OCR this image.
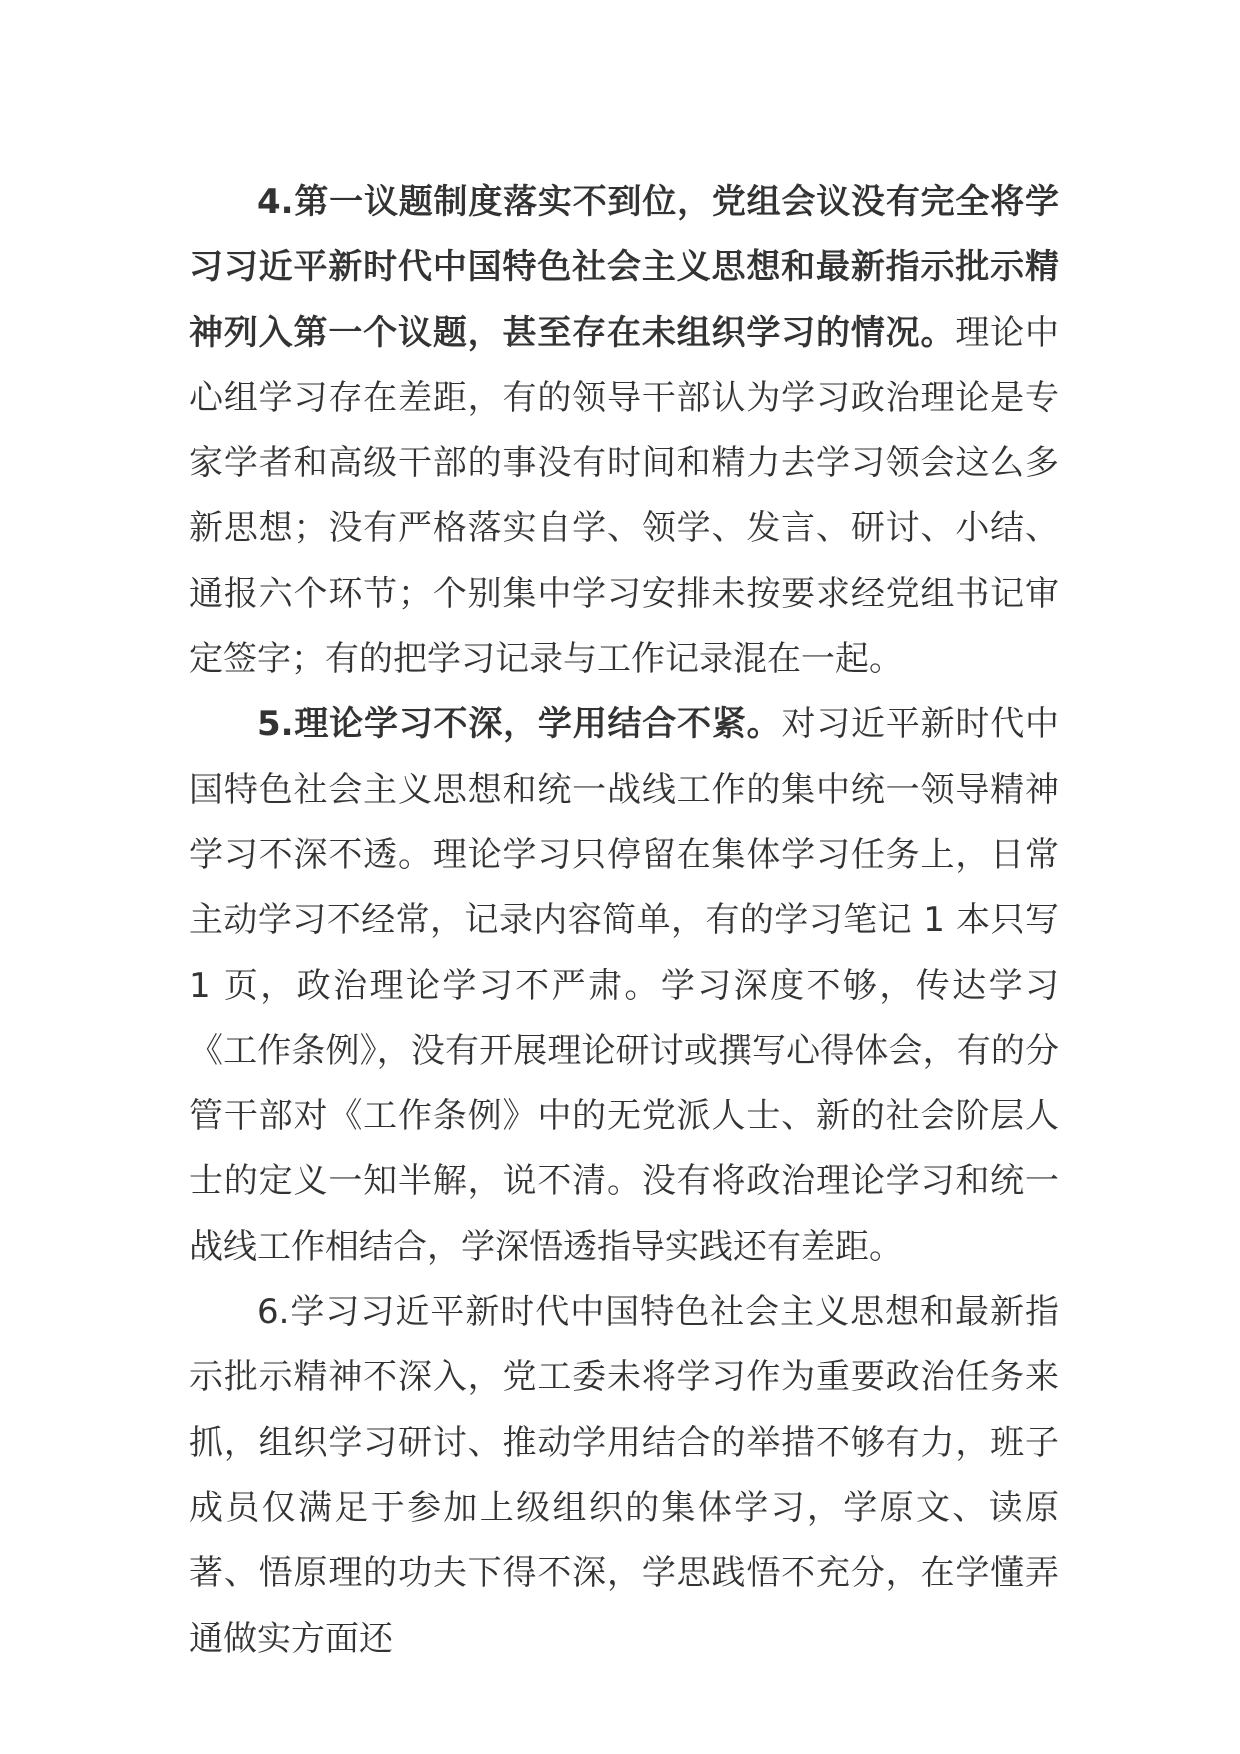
4.第一议题制度落实不到位，党组会议没有完全将学习习近平新时代中国特色社会主义思想和最新指示批示精神列入第一个议题，甚至存在未组织学习的情况。理论中心组学习存在差距，有的领导干部认为学习政治理论是专家学者和高级干部的事没有时间和精力去学习领会这么多新思想；没有严格落实自学、领学、发言、研讨、小结、通报六个环节；个别集中学习安排未按要求经党组书记审定签字；有的把学习记录与工作记录混在一起。

5.理论学习不深，学用结合不紧。对习近平新时代中国特色社会主义思想和统一战线工作的集中统一领导精神学习不深不透。理论学习只停留在集体学习任务上，日常主动学习不经常，记录内容简单，有的学习笔记 1 本只写 1 页，政治理论学习不严肃。学习深度不够，传达学习《工作条例》，没有开展理论研讨或撰写心得体会，有的分管干部对《工作条例》中的无党派人士、新的社会阶层人士的定义一知半解，说不清。没有将政治理论学习和统一战线工作相结合，学深悟透指导实践还有差距。

6.学习习近平新时代中国特色社会主义思想和最新指示批示精神不深入，党工委未将学习作为重要政治任务来抓，组织学习研讨、推动学用结合的举措不够有力，班子成员仅满足于参加上级组织的集体学习，学原文、读原著、悟原理的功夫下得不深，学思践悟不充分，在学懂弄通做实方面还
